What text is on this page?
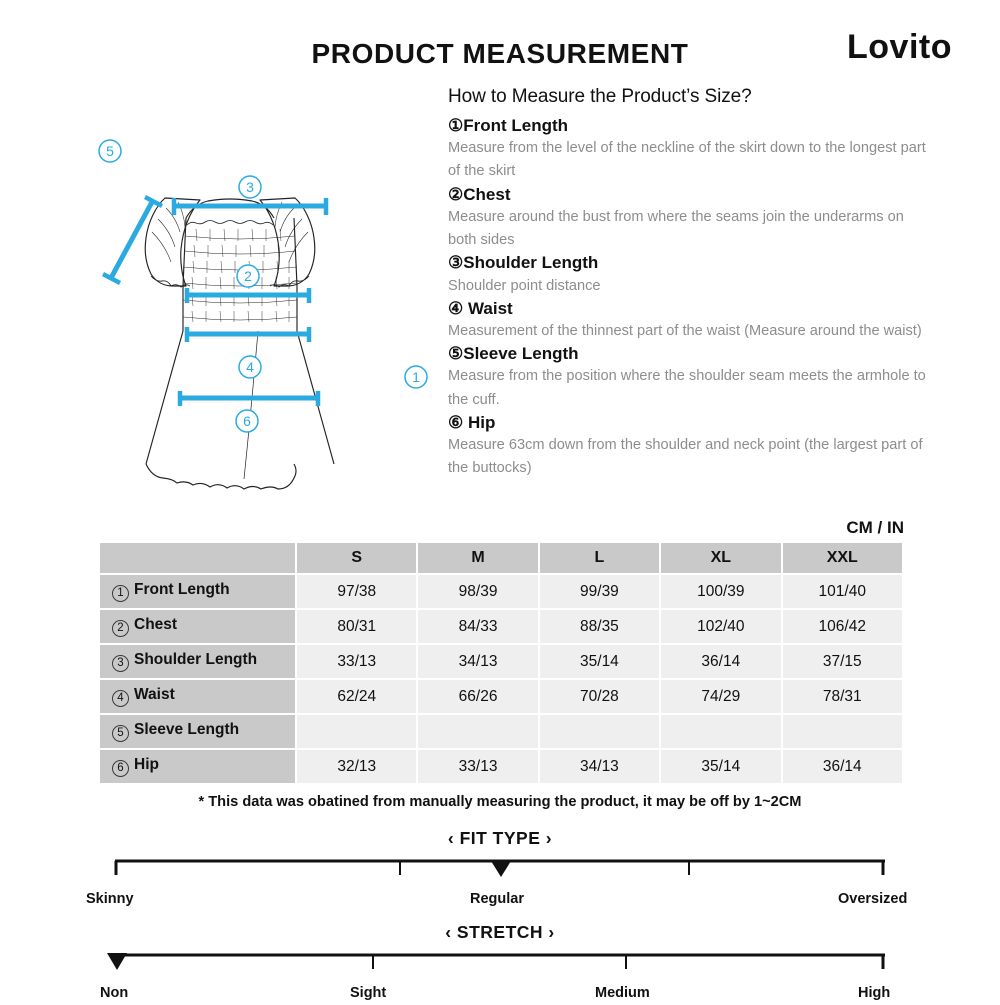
PRODUCT MEASUREMENT	Lovito
3
5
2
4
6
1
How to Measure the Product’s Size?
①Front Length
Measure from the level of the neckline of the skirt down to the longest part of the skirt
②Chest
Measure around the bust from where the seams join the underarms on both sides
③Shoulder Length
Shoulder point distance
④ Waist
Measurement of the thinnest part of the waist (Measure around the waist)
⑤Sleeve Length
Measure from the position where the shoulder seam meets the armhole to the cuff.
⑥ Hip
Measure 63cm down from the shoulder and neck point (the largest part of the buttocks)
CM / IN
	S	M	L	XL	XXL
1 Front Length	97/38	98/39	99/39	100/39	101/40
2 Chest	80/31	84/33	88/35	102/40	106/42
3 Shoulder Length	33/13	34/13	35/14	36/14	37/15
4 Waist	62/24	66/26	70/28	74/29	78/31
5 Sleeve Length					
6 Hip	32/13	33/13	34/13	35/14	36/14
* This data was obatined from manually measuring the product, it may be off by 1~2CM
‹ FIT TYPE ›
Skinny	Regular	Oversized
‹ STRETCH ›
Non	Sight	Medium	High
